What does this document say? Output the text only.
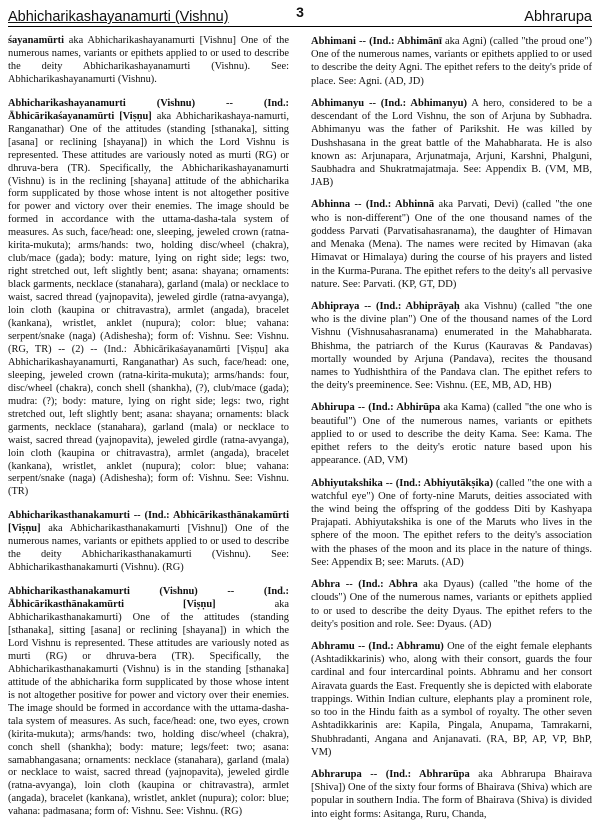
Abhicharikashayanamurti (Vishnu)	3	Abhrarupa

śayanamūrti aka Abhicharikashayanamurti [Vishnu] One of the numerous names, variants or epithets applied to or used to describe the deity Abhicharikashayanamurti (Vishnu). See: Abhicharikashayanamurti (Vishnu).

Abhicharikashayanamurti (Vishnu) -- (Ind.: Ābhicārikaśayanamūrti [Viṣṇu] aka Abhicharikashaya-namurti, Ranganathar) One of the attitudes (standing [sthanaka], sitting [asana] or reclining [shayana]) in which the Lord Vishnu is represented. These attitudes are variously noted as murti (RG) or dhruva-bera (TR). Specifically, the Abhicharikashayanamurti (Vishnu) is in the reclining [shayana] attitude of the abhicharika form supplicated by those whose intent is not altogether positive for power and victory over their enemies. The image should be formed in accordance with the uttama-dasha-tala system of measures. As such, face/head: one, sleeping, jeweled crown (ratna-kirita-mukuta); arms/hands: two, holding disc/wheel (chakra), club/mace (gada); body: mature, lying on right side; legs: two, right stretched out, left slightly bent; asana: shayana; ornaments: black garments, necklace (stanahara), garland (mala) or necklace to waist, sacred thread (yajnopavita), jeweled girdle (ratna-avyanga), loin cloth (kaupina or chitravastra), armlet (angada), bracelet (kankana), wristlet, anklet (nupura); color: blue; vahana: serpent/snake (naga) (Adishesha); form of: Vishnu. See: Vishnu. (RG, TR) -- (2) -- (Ind.: Ābhicārikaśayanamūrti [Viṣṇu] aka Abhicharikashayanamurti, Ranganathar) As such, face/head: one, sleeping, jeweled crown (ratna-kirita-mukuta); arms/hands: four, disc/wheel (chakra), conch shell (shankha), (?), club/mace (gada); mudra: (?); body: mature, lying on right side; legs: two, right stretched out, left slightly bent; asana: shayana; ornaments: black garments, necklace (stanahara), garland (mala) or necklace to waist, sacred thread (yajnopavita), jeweled girdle (ratna-avyanga), loin cloth (kaupina or chitravastra), armlet (angada), bracelet (kankana), wristlet, anklet (nupura); color: blue; vahana: serpent/snake (naga) (Adishesha); form of: Vishnu. See: Vishnu. (TR)

Abhicharikasthanakamurti -- (Ind.: Abhicārikasthānakamūrti [Viṣṇu] aka Abhicharikasthanakamurti [Vishnu]) One of the numerous names, variants or epithets applied to or used to describe the deity Abhicharikasthanakamurti (Vishnu). See: Abhicharikasthanakamurti (Vishnu). (RG)

Abhicharikasthanakamurti (Vishnu) -- (Ind.: Ābhicārikasthānakamūrti [Viṣṇu] aka Abhicharikasthanakamurti) One of the attitudes (standing [sthanaka], sitting [asana] or reclining [shayana]) in which the Lord Vishnu is represented. These attitudes are variously noted as murti (RG) or dhruva-bera (TR). Specifically, the Abhicharikasthanakamurti (Vishnu) is in the standing [sthanaka] attitude of the abhicharika form supplicated by those whose intent is not altogether positive for power and victory over their enemies. The image should be formed in accordance with the uttama-dasha-tala system of measures. As such, face/head: one, two eyes, crown (kirita-mukuta); arms/hands: two, holding disc/wheel (chakra), conch shell (shankha); body: mature; legs/feet: two; asana: samabhangasana; ornaments: necklace (stanahara), garland (mala) or necklace to waist, sacred thread (yajnopavita), jeweled girdle (ratna-avyanga), loin cloth (kaupina or chitravastra), armlet (angada), bracelet (kankana), wristlet, anklet (nupura); color: blue; vahana: padmasana; form of: Vishnu. See: Vishnu. (RG)

Abhimani -- (Ind.: Abhimānī aka Agni) (called "the proud one") One of the numerous names, variants or epithets applied to or used to describe the deity Agni. The epithet refers to the deity's pride of place. See: Agni. (AD, JD)

Abhimanyu -- (Ind.: Abhimanyu) A hero, considered to be a descendant of the Lord Vishnu, the son of Arjuna by Subhadra. Abhimanyu was the father of Parikshit. He was killed by Dushshasana in the great battle of the Mahabharata. He is also known as: Arjunapara, Arjunatmaja, Arjuni, Karshni, Phalguni, Saubhadra and Shukratmajatmaja. See: Appendix B. (VM, MB, JAB)

Abhinna -- (Ind.: Abhinnā aka Parvati, Devi) (called "the one who is non-different") One of the one thousand names of the goddess Parvati (Parvatisahasranama), the daughter of Himavan and Menaka (Mena). The names were recited by Himavan (aka Himavat or Himalaya) during the course of his prayers and listed in the Kurma-Purana. The epithet refers to the deity's all pervasive nature. See: Parvati. (KP, GT, DD)

Abhiprayа -- (Ind.: Abhiprāyaḥ aka Vishnu) (called "the one who is the divine plan") One of the thousand names of the Lord Vishnu (Vishnusahasranama) enumerated in the Mahabharata. Bhishma, the patriarch of the Kurus (Kauravas & Pandavas) mortally wounded by Arjuna (Pandava), recites the thousand names to Yudhishthira of the Pandava clan. The epithet refers to the deity's preeminence. See: Vishnu. (EE, MB, AD, HB)

Abhirupa -- (Ind.: Abhirūpa aka Kama) (called "the one who is beautiful") One of the numerous names, variants or epithets applied to or used to describe the deity Kama. See: Kama. The epithet refers to the deity's erotic nature based upon his appearance. (AD, VM)

Abhiyutakshika -- (Ind.: Abhiyutākṣika) (called "the one with a watchful eye") One of forty-nine Maruts, deities associated with the wind being the offspring of the goddess Diti by Kashyapa Prajapati. Abhiyutakshika is one of the Maruts who lives in the sphere of the moon. The epithet refers to the deity's association with the phases of the moon and its place in the nature of things. See: Appendix B; see: Maruts. (AD)

Abhra -- (Ind.: Abhra aka Dyaus) (called "the home of the clouds") One of the numerous names, variants or epithets applied to or used to describe the deity Dyaus. The epithet refers to the deity's position and role. See: Dyaus. (AD)

Abhramu -- (Ind.: Abhramu) One of the eight female elephants (Ashtadikkarinis) who, along with their consort, guards the four cardinal and four intercardinal points. Abhramu and her consort Airavata guards the East. Frequently she is depicted with elaborate trappings. Within Indian culture, elephants play a prominent role, so too in the Hindu faith as a symbol of royalty. The other seven Ashtadikkarinis are: Kapila, Pingala, Anupama, Tamrakarni, Shubhradanti, Angana and Anjanavati. (RA, BP, AP, VP, BhP, VM)

Abhrarupa -- (Ind.: Abhrarūpa aka Abhrarupa Bhairava [Shiva]) One of the sixty four forms of Bhairava (Shiva) which are popular in southern India. The form of Bhairava (Shiva) is divided into eight forms: Asitanga, Ruru, Chanda,
